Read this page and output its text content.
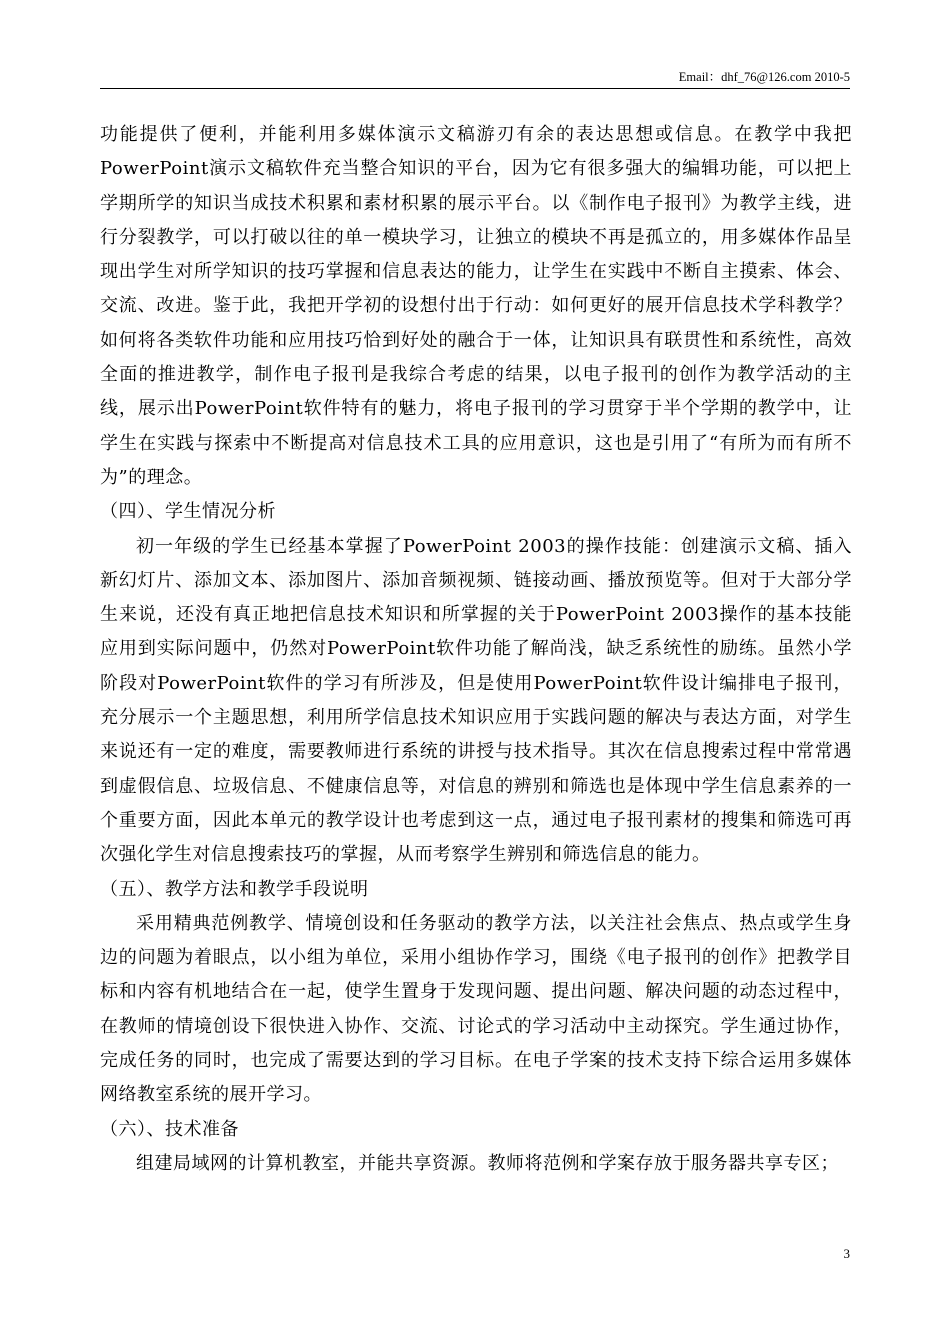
Email：dhf_76@126.com 2010-5

功能提供了便利，并能利用多媒体演示文稿游刃有余的表达思想或信息。在教学中我把PowerPoint演示文稿软件充当整合知识的平台，因为它有很多强大的编辑功能，可以把上学期所学的知识当成技术积累和素材积累的展示平台。以《制作电子报刊》为教学主线，进行分裂教学，可以打破以往的单一模块学习，让独立的模块不再是孤立的，用多媒体作品呈现出学生对所学知识的技巧掌握和信息表达的能力，让学生在实践中不断自主摸索、体会、交流、改进。鉴于此，我把开学初的设想付出于行动：如何更好的展开信息技术学科教学？如何将各类软件功能和应用技巧恰到好处的融合于一体，让知识具有联贯性和系统性，高效全面的推进教学，制作电子报刊是我综合考虑的结果，以电子报刊的创作为教学活动的主线，展示出PowerPoint软件特有的魅力，将电子报刊的学习贯穿于半个学期的教学中，让学生在实践与探索中不断提高对信息技术工具的应用意识，这也是引用了“有所为而有所不为”的理念。

（四）、学生情况分析

初一年级的学生已经基本掌握了PowerPoint 2003的操作技能：创建演示文稿、插入新幻灯片、添加文本、添加图片、添加音频视频、链接动画、播放预览等。但对于大部分学生来说，还没有真正地把信息技术知识和所掌握的关于PowerPoint 2003操作的基本技能应用到实际问题中，仍然对PowerPoint软件功能了解尚浅，缺乏系统性的励练。虽然小学阶段对PowerPoint软件的学习有所涉及，但是使用PowerPoint软件设计编排电子报刊，充分展示一个主题思想，利用所学信息技术知识应用于实践问题的解决与表达方面，对学生来说还有一定的难度，需要教师进行系统的讲授与技术指导。其次在信息搜索过程中常常遇到虚假信息、垃圾信息、不健康信息等，对信息的辨别和筛选也是体现中学生信息素养的一个重要方面，因此本单元的教学设计也考虑到这一点，通过电子报刊素材的搜集和筛选可再次强化学生对信息搜索技巧的掌握，从而考察学生辨别和筛选信息的能力。

（五）、教学方法和教学手段说明

采用精典范例教学、情境创设和任务驱动的教学方法，以关注社会焦点、热点或学生身边的问题为着眼点，以小组为单位，采用小组协作学习，围绕《电子报刊的创作》把教学目标和内容有机地结合在一起，使学生置身于发现问题、提出问题、解决问题的动态过程中，在教师的情境创设下很快进入协作、交流、讨论式的学习活动中主动探究。学生通过协作，完成任务的同时，也完成了需要达到的学习目标。在电子学案的技术支持下综合运用多媒体网络教室系统的展开学习。

（六）、技术准备

组建局域网的计算机教室，并能共享资源。教师将范例和学案存放于服务器共享专区；

3
